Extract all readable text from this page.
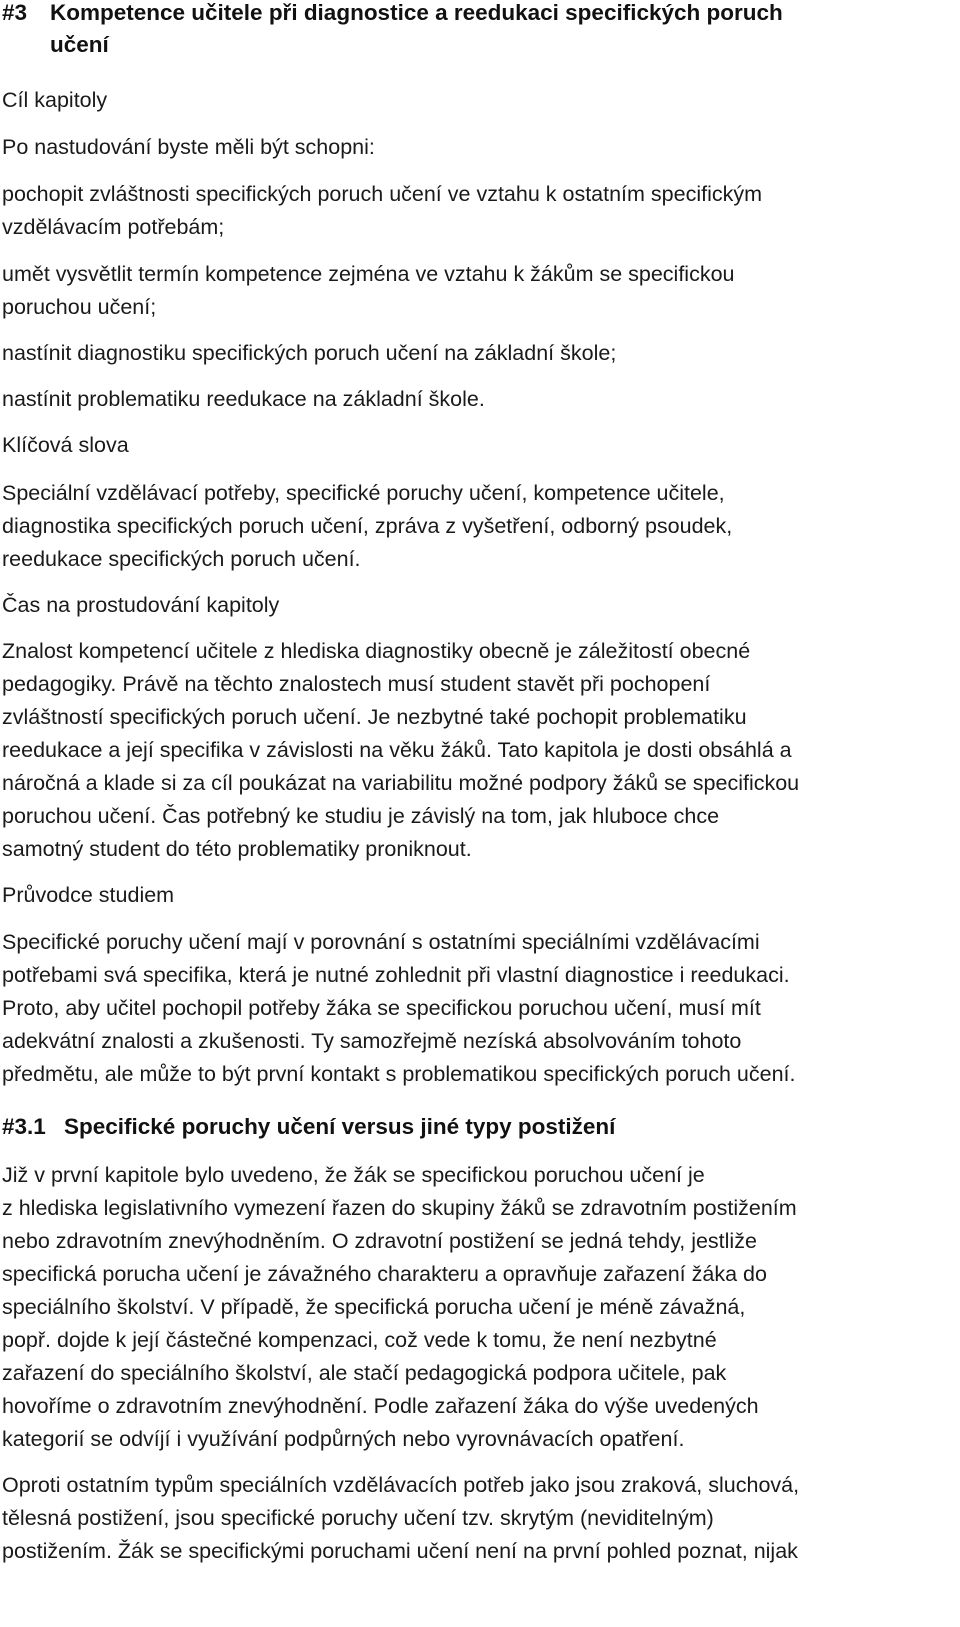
#3 Kompetence učitele při diagnostice a reedukaci specifických poruch
učení
Cíl kapitoly
Po nastudování byste měli být schopni:
pochopit zvláštnosti specifických poruch učení ve vztahu k ostatním specifickým
vzdělávacím potřebám;
umět vysvětlit termín kompetence zejména ve vztahu k žákům se specifickou
poruchou učení;
nastínit diagnostiku specifických poruch učení na základní škole;
nastínit problematiku reedukace na základní škole.
Klíčová slova
Speciální vzdělávací potřeby, specifické poruchy učení, kompetence učitele,
diagnostika specifických poruch učení, zpráva z vyšetření, odborný psoudek,
reedukace specifických poruch učení.
Čas na prostudování kapitoly
Znalost kompetencí učitele z hlediska diagnostiky obecně je záležitostí obecné
pedagogiky. Právě na těchto znalostech musí student stavět při pochopení
zvláštností specifických poruch učení. Je nezbytné také pochopit problematiku
reedukace a její specifika v závislosti na věku žáků. Tato kapitola je dosti obsáhlá a
náročná a klade si za cíl poukázat na variabilitu možné podpory žáků se specifickou
poruchou učení. Čas potřebný ke studiu je závislý na tom, jak hluboce chce
samotný student do této problematiky proniknout.
Průvodce studiem
Specifické poruchy učení mají v porovnání s ostatními speciálními vzdělávacími
potřebami svá specifika, která je nutné zohlednit při vlastní diagnostice i reedukaci.
Proto, aby učitel pochopil potřeby žáka se specifickou poruchou učení, musí mít
adekvátní znalosti a zkušenosti. Ty samozřejmě nezíská absolvováním tohoto
předmětu, ale může to být první kontakt s problematikou specifických poruch učení.
#3.1 Specifické poruchy učení versus jiné typy postižení
Již v první kapitole bylo uvedeno, že žák se specifickou poruchou učení je
z hlediska legislativního vymezení řazen do skupiny žáků se zdravotním postižením
nebo zdravotním znevýhodněním. O zdravotní postižení se jedná tehdy, jestliže
specifická porucha učení je závažného charakteru a opravňuje zařazení žáka do
speciálního školství. V případě, že specifická porucha učení je méně závažná,
popř. dojde k její částečné kompenzaci, což vede k tomu, že není nezbytné
zařazení do speciálního školství, ale stačí pedagogická podpora učitele, pak
hovoříme o zdravotním znevýhodnění. Podle zařazení žáka do výše uvedených
kategorií se odvíjí i využívání podpůrných nebo vyrovnávacích opatření.
Oproti ostatním typům speciálních vzdělávacích potřeb jako jsou zraková, sluchová,
tělesná postižení, jsou specifické poruchy učení tzv. skrytým (neviditelným)
postižením. Žák se specifickými poruchami učení není na první pohled poznat, nijak
